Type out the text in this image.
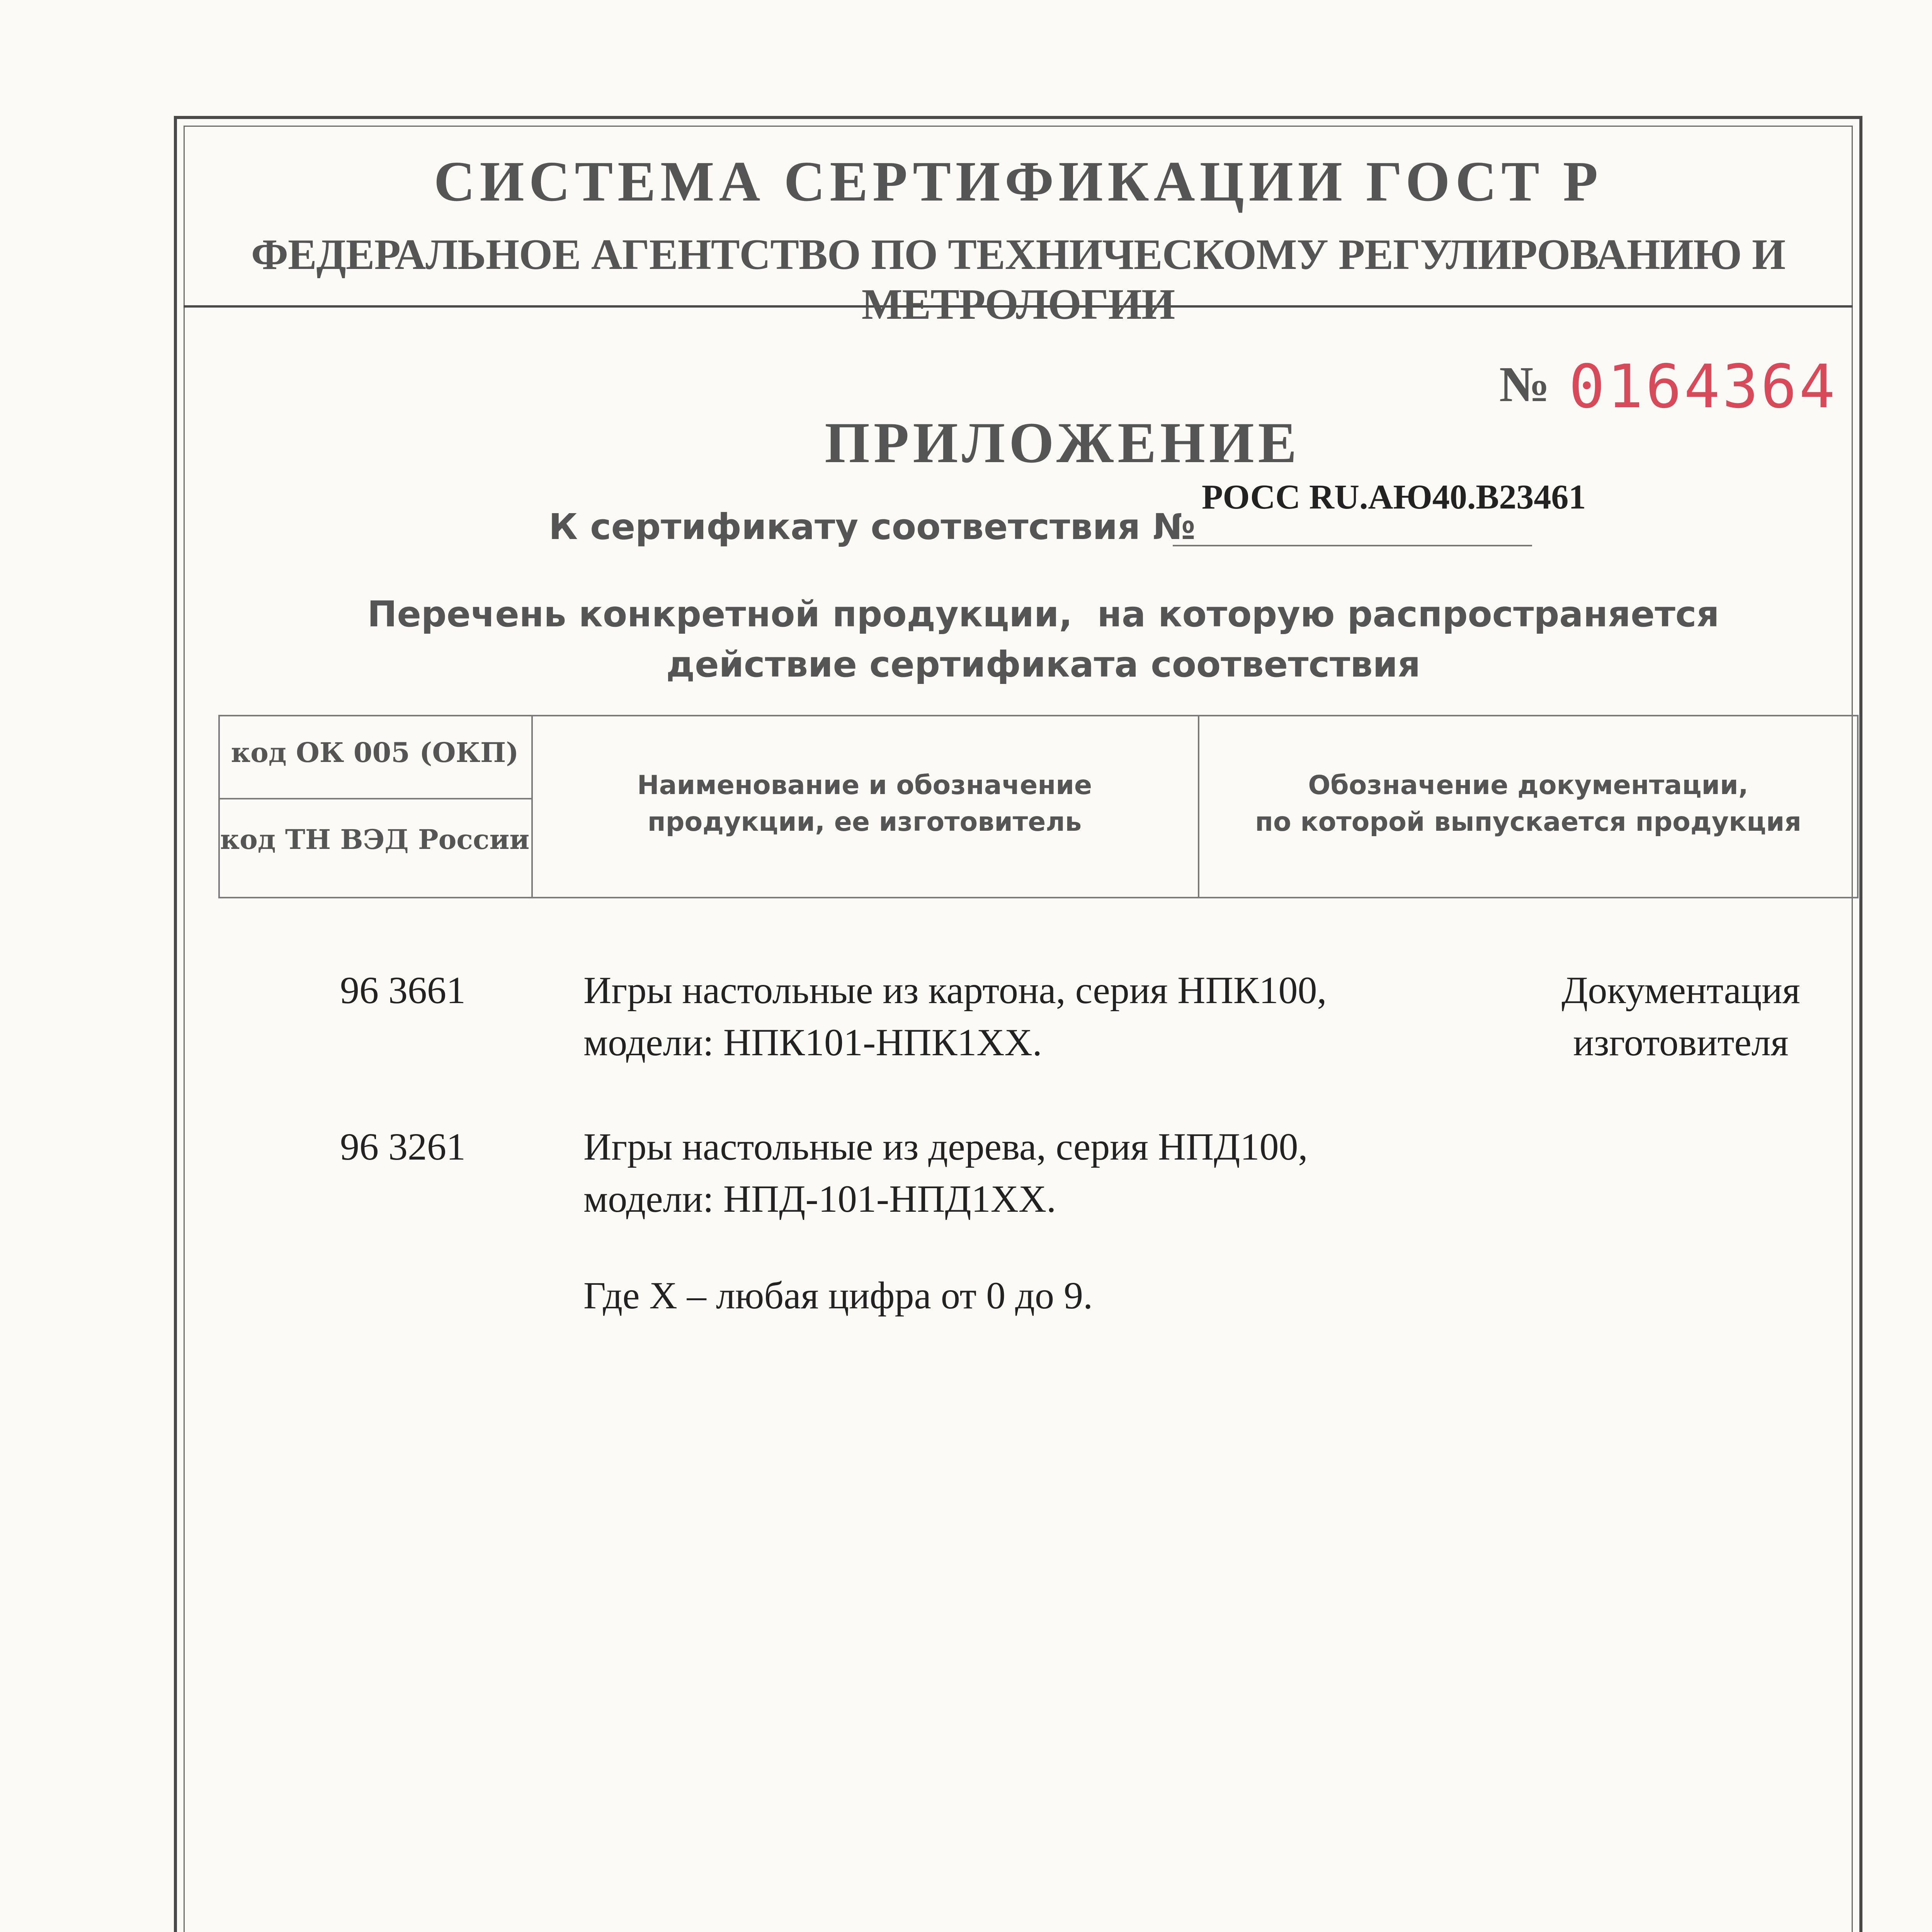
СИСТЕМА СЕРТИФИКАЦИИ ГОСТ Р
ФЕДЕРАЛЬНОЕ АГЕНТСТВО ПО ТЕХНИЧЕСКОМУ РЕГУЛИРОВАНИЮ И МЕТРОЛОГИИ
№ 0164364
ПРИЛОЖЕНИЕ
РОСС RU.АЮ40.В23461
К сертификату соответствия №
Перечень конкретной продукции,  на которую распространяется
действие сертификата соответствия
код ОК 005 (ОКП)
код ТН ВЭД России
Наименование и обозначение
продукции, ее изготовитель
Обозначение документации,
по которой выпускается продукция
96 3661	Игры настольные из картона, серия НПК100,
модели: НПК101-НПК1ХХ.
Документация
изготовителя
96 3261	Игры настольные из дерева, серия НПД100,
модели: НПД-101-НПД1ХХ.
Где Х – любая цифра от 0 до 9.
